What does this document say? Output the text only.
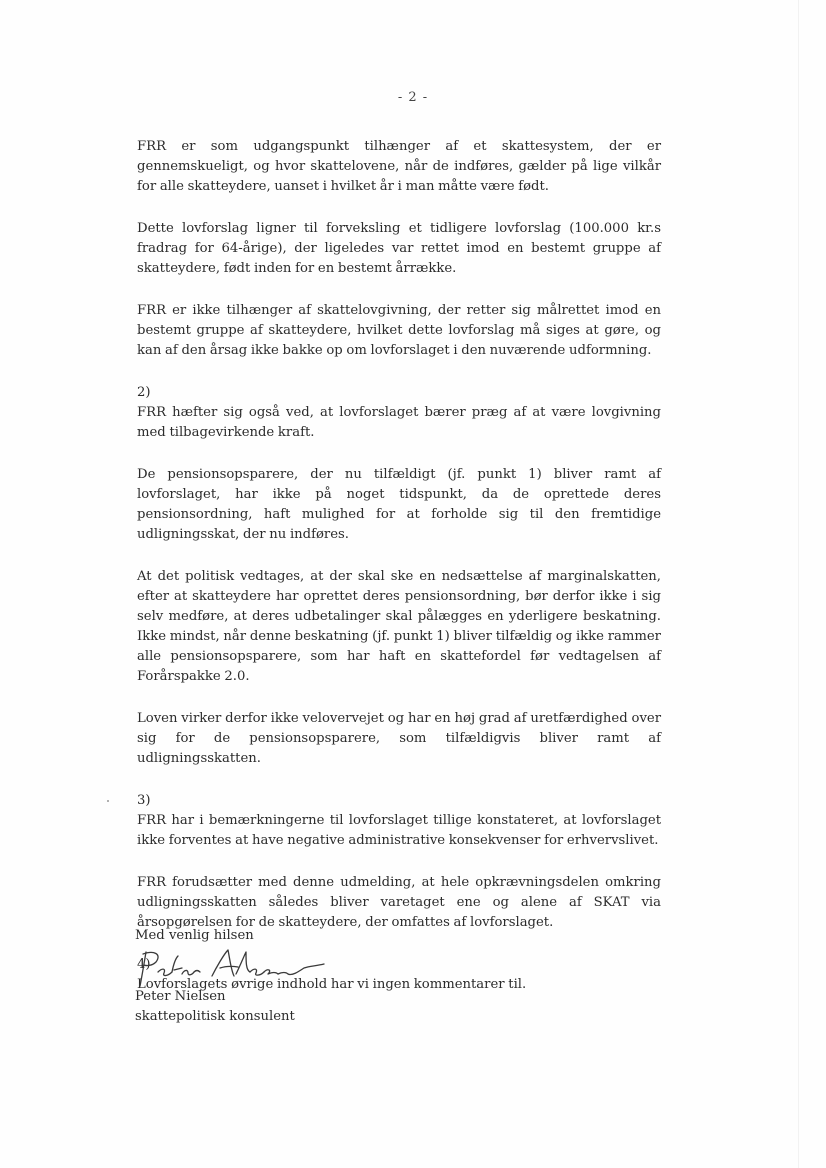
- 2 -

FRR er som udgangspunkt tilhænger af et skattesystem, der er gennemskueligt, og hvor skattelovene, når de indføres, gælder på lige vilkår for alle skatteydere, uanset i hvilket år i man måtte være født.

Dette lovforslag ligner til forveksling et tidligere lovforslag (100.000 kr.s fradrag for 64-årige), der ligeledes var rettet imod en bestemt gruppe af skatteydere, født inden for en bestemt årrække.

FRR er ikke tilhænger af skattelovgivning, der retter sig målrettet imod en bestemt gruppe af skatteydere, hvilket dette lovforslag må siges at gøre, og kan af den årsag ikke bakke op om lovforslaget i den nuværende udformning.

2)
FRR hæfter sig også ved, at lovforslaget bærer præg af at være lovgivning med tilbagevirkende kraft.

De pensionsopsparere, der nu tilfældigt (jf. punkt 1) bliver ramt af lovforslaget, har ikke på noget tidspunkt, da de oprettede deres pensionsordning, haft mulighed for at forholde sig til den fremtidige udligningsskat, der nu indføres.

At det politisk vedtages, at der skal ske en nedsættelse af marginalskatten, efter at skatteydere har oprettet deres pensionsordning, bør derfor ikke i sig selv medføre, at deres udbetalinger skal pålægges en yderligere beskatning. Ikke mindst, når denne beskatning (jf. punkt 1) bliver tilfældig og ikke rammer alle pensionsopsparere, som har haft en skattefordel før vedtagelsen af Forårspakke 2.0.

Loven virker derfor ikke velovervejet og har en høj grad af uretfærdighed over sig for de pensionsopsparere, som tilfældigvis bliver ramt af udligningsskatten.

3)
FRR har i bemærkningerne til lovforslaget tillige konstateret, at lovforslaget ikke forventes at have negative administrative konsekvenser for erhvervslivet.

FRR forudsætter med denne udmelding, at hele opkrævningsdelen omkring udligningsskatten således bliver varetaget ene og alene af SKAT via årsopgørelsen for de skatteydere, der omfattes af lovforslaget.

4)
Lovforslagets øvrige indhold har vi ingen kommentarer til.

Med venlig hilsen
Peter Nielsen
skattepolitisk konsulent
